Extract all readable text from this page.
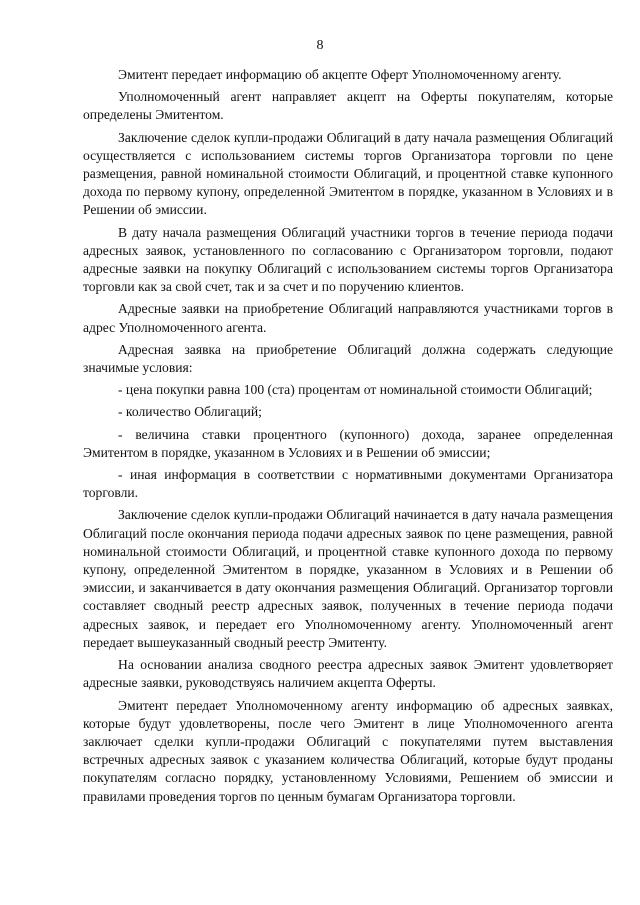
8

Эмитент передает информацию об акцепте Оферт Уполномоченному агенту.

Уполномоченный агент направляет акцепт на Оферты покупателям, которые определены Эмитентом.

Заключение сделок купли-продажи Облигаций в дату начала размещения Облигаций осуществляется с использованием системы торгов Организатора торговли по цене размещения, равной номинальной стоимости Облигаций, и процентной ставке купонного дохода по первому купону, определенной Эмитентом в порядке, указанном в Условиях и в Решении об эмиссии.

В дату начала размещения Облигаций участники торгов в течение периода подачи адресных заявок, установленного по согласованию с Организатором торговли, подают адресные заявки на покупку Облигаций с использованием системы торгов Организатора торговли как за свой счет, так и за счет и по поручению клиентов.

Адресные заявки на приобретение Облигаций направляются участниками торгов в адрес Уполномоченного агента.

Адресная заявка на приобретение Облигаций должна содержать следующие значимые условия:

- цена покупки равна 100 (ста) процентам от номинальной стоимости Облигаций;

- количество Облигаций;

- величина ставки процентного (купонного) дохода, заранее определенная Эмитентом в порядке, указанном в Условиях и в Решении об эмиссии;

- иная информация в соответствии с нормативными документами Организатора торговли.

Заключение сделок купли-продажи Облигаций начинается в дату начала размещения Облигаций после окончания периода подачи адресных заявок по цене размещения, равной номинальной стоимости Облигаций, и процентной ставке купонного дохода по первому купону, определенной Эмитентом в порядке, указанном в Условиях и в Решении об эмиссии, и заканчивается в дату окончания размещения Облигаций. Организатор торговли составляет сводный реестр адресных заявок, полученных в течение периода подачи адресных заявок, и передает его Уполномоченному агенту. Уполномоченный агент передает вышеуказанный сводный реестр Эмитенту.

На основании анализа сводного реестра адресных заявок Эмитент удовлетворяет адресные заявки, руководствуясь наличием акцепта Оферты.

Эмитент передает Уполномоченному агенту информацию об адресных заявках, которые будут удовлетворены, после чего Эмитент в лице Уполномоченного агента заключает сделки купли-продажи Облигаций с покупателями путем выставления встречных адресных заявок с указанием количества Облигаций, которые будут проданы покупателям согласно порядку, установленному Условиями, Решением об эмиссии и правилами проведения торгов по ценным бумагам Организатора торговли.
